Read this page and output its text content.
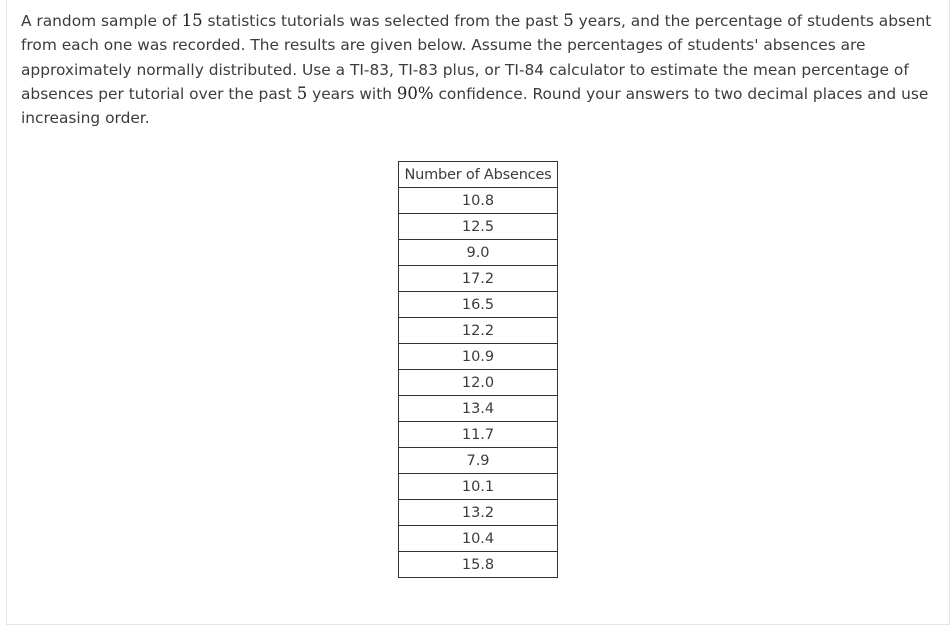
A random sample of 15 statistics tutorials was selected from the past 5 years, and the percentage of students absent from each one was recorded. The results are given below. Assume the percentages of students' absences are approximately normally distributed. Use a TI-83, TI-83 plus, or TI-84 calculator to estimate the mean percentage of absences per tutorial over the past 5 years with 90% confidence. Round your answers to two decimal places and use increasing order.

Number of Absences
10.8
12.5
9.0
17.2
16.5
12.2
10.9
12.0
13.4
11.7
7.9
10.1
13.2
10.4
15.8
